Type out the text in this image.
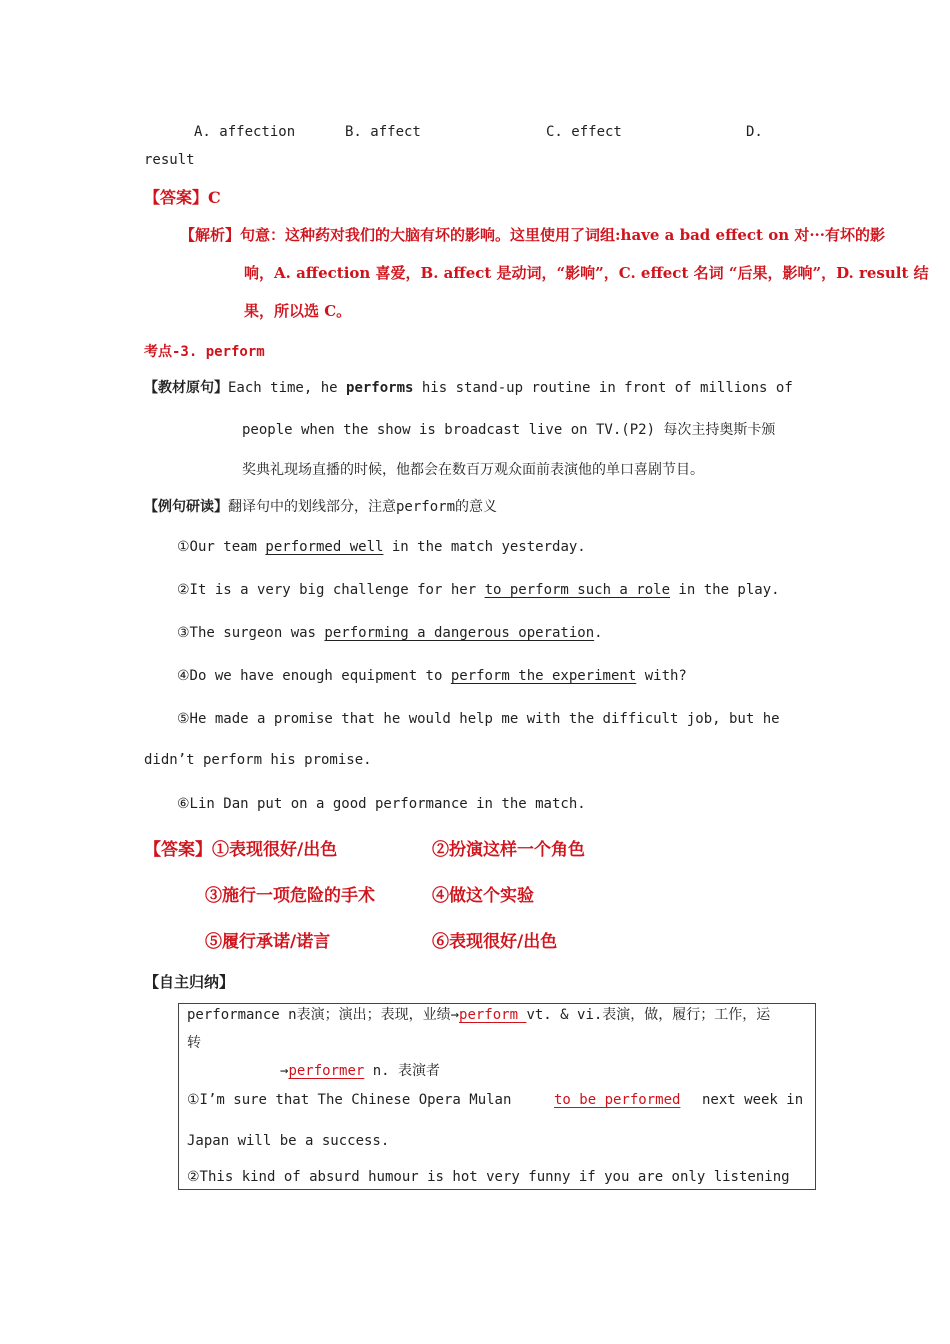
A. affection	B. affect	C. effect	D.
result
【答案】C
【解析】句意：这种药对我们的大脑有坏的影响。这里使用了词组:have a bad effect on 对···有坏的影
响，A. affection 喜爱，B. affect 是动词，“影响”，C. effect 名词 “后果，影响”，D. result 结
果，所以选 C。
考点-3. perform
【教材原句】Each time, he performs his stand-up routine in front of millions of
people when the show is broadcast live on TV.(P2) 每次主持奥斯卡颁
奖典礼现场直播的时候，他都会在数百万观众面前表演他的单口喜剧节目。
【例句研读】翻译句中的划线部分，注意perform的意义
①Our team performed well in the match yesterday.
②It is a very big challenge for her to perform such a role in the play.
③The surgeon was performing a dangerous operation.
④Do we have enough equipment to perform the experiment with?
⑤He made a promise that he would help me with the difficult job, but he
didn’t perform his promise.
⑥Lin Dan put on a good performance in the match.
【答案】①表现很好/出色	②扮演这样一个角色
③施行一项危险的手术	④做这个实验
⑤履行承诺/诺言	⑥表现很好/出色
【自主归纳】
performance n表演；演出；表现，业绩→perform vt. & vi.表演，做，履行；工作，运
转
→performer n. 表演者
①I’m sure that The Chinese Opera Mulan	to be performed next week in
Japan will be a success.
②This kind of absurd humour is hot very funny if you are only listening
